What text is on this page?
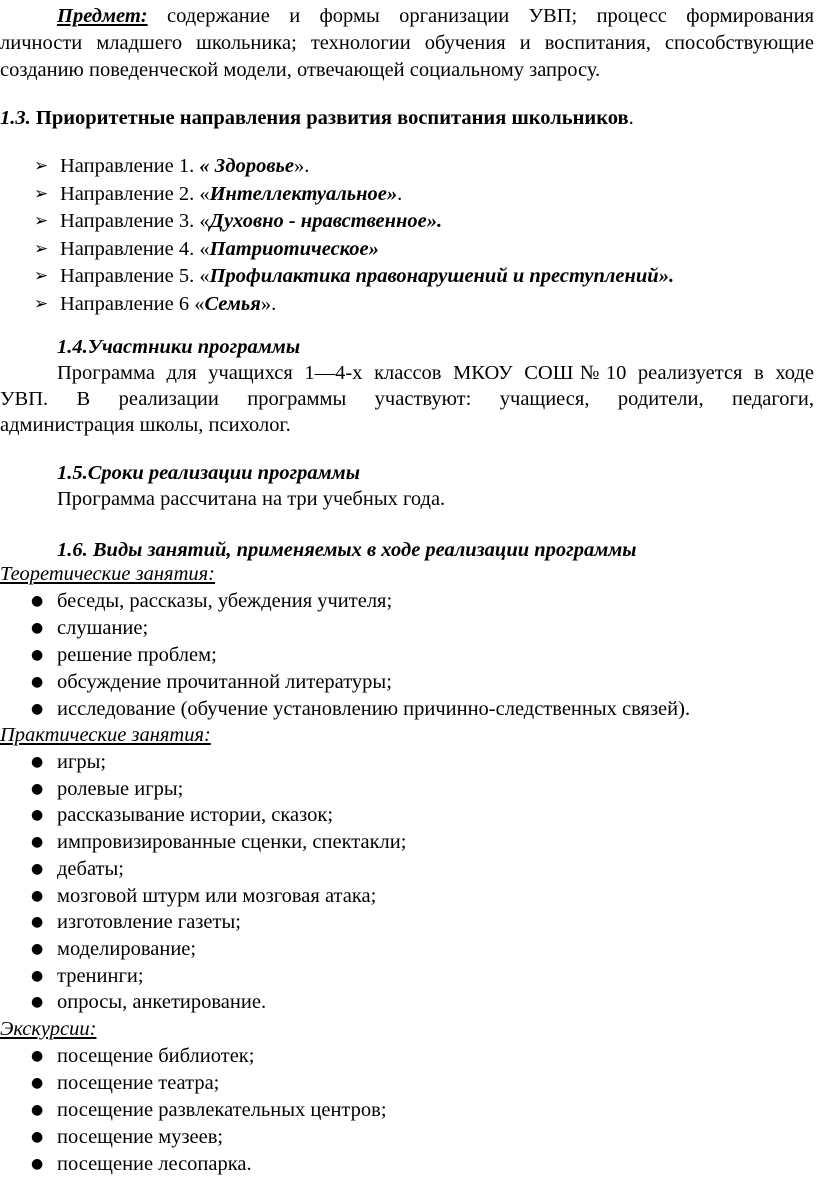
Предмет: содержание и формы организации УВП; процесс формирования
личности младшего школьника; технологии обучения и воспитания, способствующие
созданию поведенческой модели, отвечающей социальному запросу.
1.3. Приоритетные направления развития воспитания школьников.
➢ Направление 1. « Здоровье».
➢ Направление 2. «Интеллектуальное».
➢ Направление 3. «Духовно - нравственное».
➢ Направление 4. «Патриотическое»
➢ Направление 5. «Профилактика правонарушений и преступлений».
➢ Направление 6 «Семья».
1.4.Участники программы
Программа для учащихся 1—4-х классов МКОУ СОШ№10 реализуется в ходе
УВП. В реализации программы участвуют: учащиеся, родители, педагоги,
администрация школы, психолог.
1.5.Сроки реализации программы
Программа рассчитана на три учебных года.
1.6. Виды занятий, применяемых в ходе реализации программы
Теоретические занятия:
● беседы, рассказы, убеждения учителя;
● слушание;
● решение проблем;
● обсуждение прочитанной литературы;
● исследование (обучение установлению причинно-следственных связей).
Практические занятия:
● игры;
● ролевые игры;
● рассказывание истории, сказок;
● импровизированные сценки, спектакли;
● дебаты;
● мозговой штурм или мозговая атака;
● изготовление газеты;
● моделирование;
● тренинги;
● опросы, анкетирование.
Экскурсии:
● посещение библиотек;
● посещение театра;
● посещение развлекательных центров;
● посещение музеев;
● посещение лесопарка.
